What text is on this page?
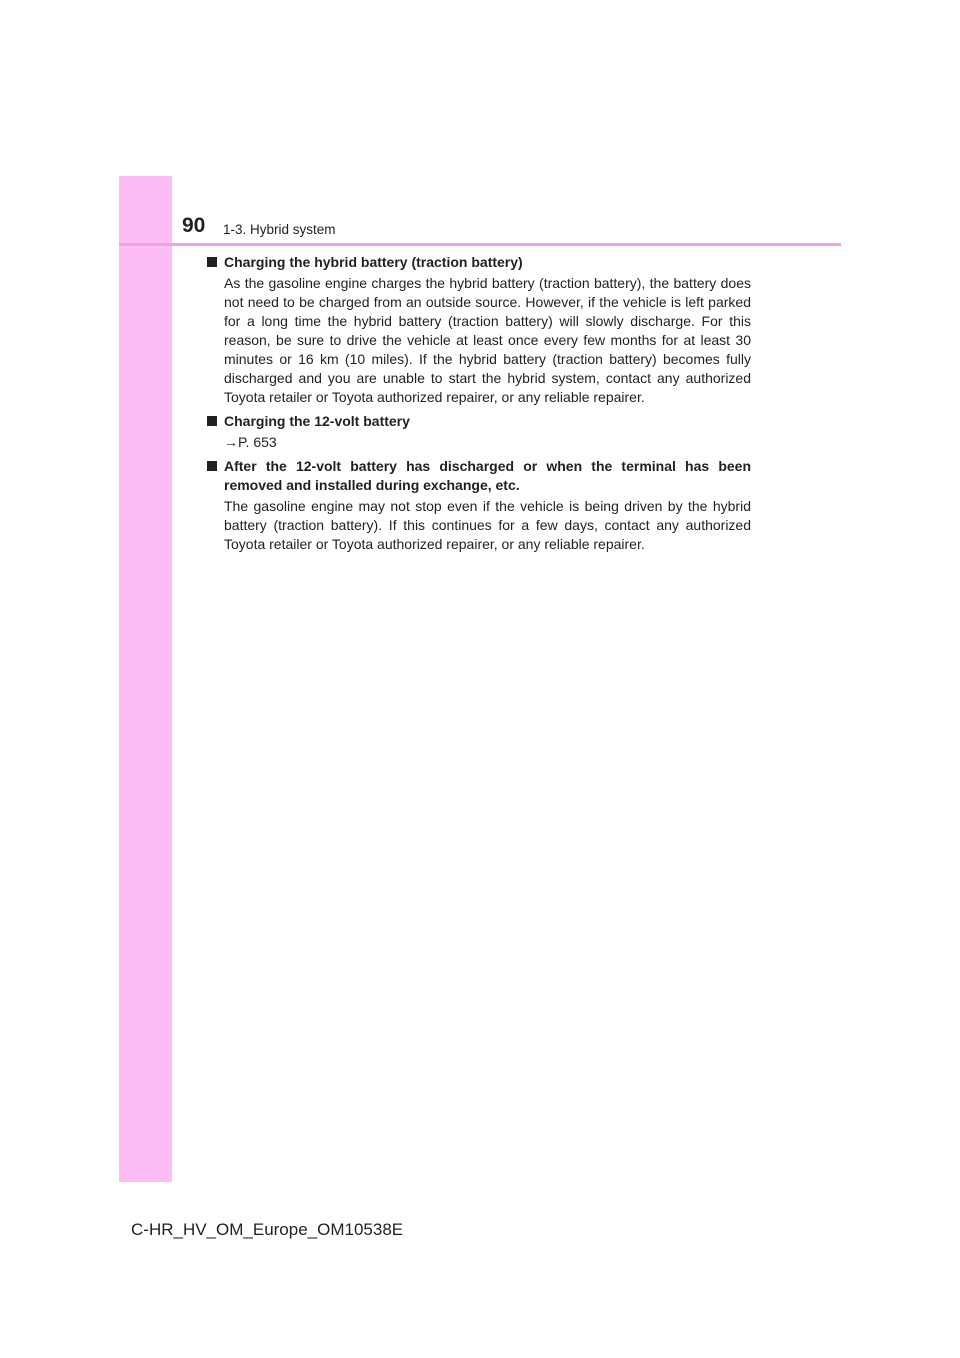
90 1-3. Hybrid system

Charging the hybrid battery (traction battery)

As the gasoline engine charges the hybrid battery (traction battery), the battery does not need to be charged from an outside source. However, if the vehicle is left parked for a long time the hybrid battery (traction battery) will slowly discharge. For this reason, be sure to drive the vehicle at least once every few months for at least 30 minutes or 16 km (10 miles). If the hybrid battery (traction battery) becomes fully discharged and you are unable to start the hybrid system, contact any authorized Toyota retailer or Toyota authorized repairer, or any reliable repairer.

Charging the 12-volt battery

→P. 653

After the 12-volt battery has discharged or when the terminal has been removed and installed during exchange, etc.

The gasoline engine may not stop even if the vehicle is being driven by the hybrid battery (traction battery). If this continues for a few days, contact any authorized Toyota retailer or Toyota authorized repairer, or any reliable repairer.

C-HR_HV_OM_Europe_OM10538E
